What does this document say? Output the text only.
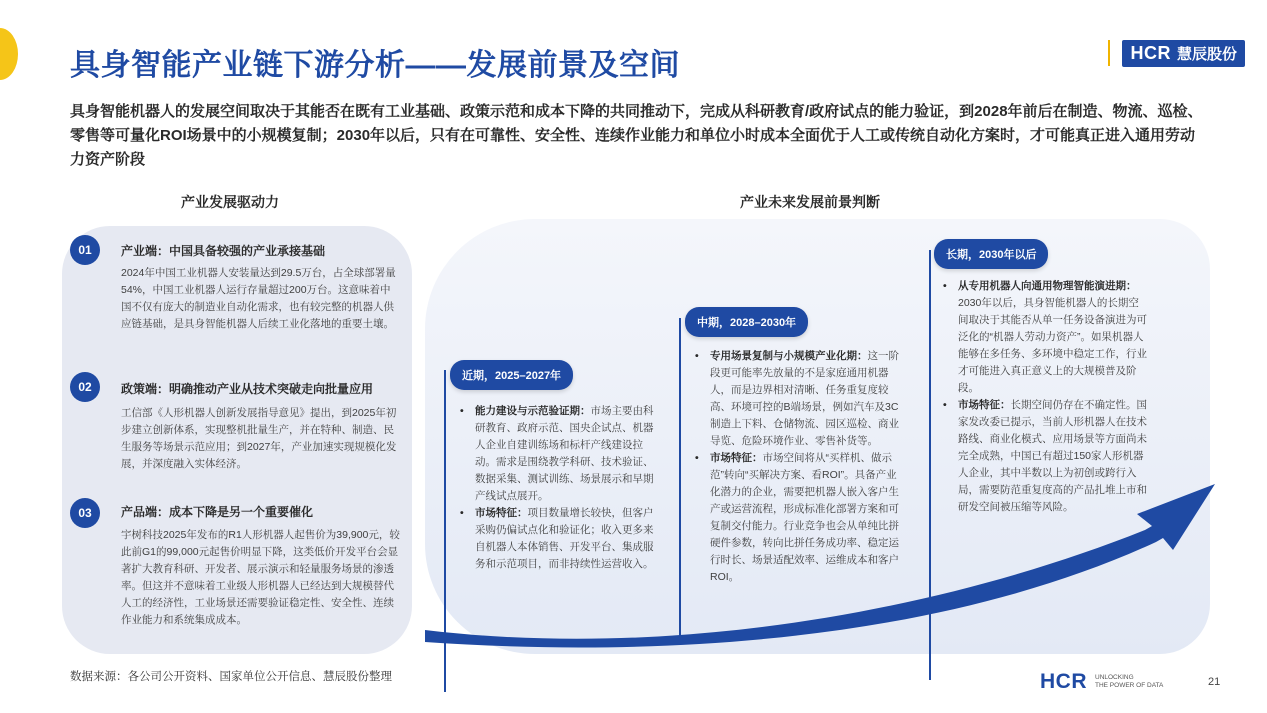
具身智能产业链下游分析——发展前景及空间	HCR 慧辰股份
具身智能机器人的发展空间取决于其能否在既有工业基础、政策示范和成本下降的共同推动下，完成从科研教育/政府试点的能力验证，到2028年前后在制造、物流、巡检、零售等可量化ROI场景中的小规模复制；2030年以后，只有在可靠性、安全性、连续作业能力和单位小时成本全面优于人工或传统自动化方案时，才可能真正进入通用劳动力资产阶段
产业发展驱动力	产业未来发展前景判断
01	产业端：中国具备较强的产业承接基础
2024年中国工业机器人安装量达到29.5万台，占全球部署量54%，中国工业机器人运行存量超过200万台。这意味着中国不仅有庞大的制造业自动化需求，也有较完整的机器人供应链基础，是具身智能机器人后续工业化落地的重要土壤。
02	政策端：明确推动产业从技术突破走向批量应用
工信部《人形机器人创新发展指导意见》提出，到2025年初步建立创新体系，实现整机批量生产，并在特种、制造、民生服务等场景示范应用；到2027年，产业加速实现规模化发展，并深度融入实体经济。
03	产品端：成本下降是另一个重要催化
宇树科技2025年发布的R1人形机器人起售价为39,900元，较此前G1的99,000元起售价明显下降，这类低价开发平台会显著扩大教育科研、开发者、展示演示和轻量服务场景的渗透率。但这并不意味着工业级人形机器人已经达到大规模替代人工的经济性，工业场景还需要验证稳定性、安全性、连续作业能力和系统集成成本。
近期，2025–2027年
• 能力建设与示范验证期：市场主要由科研教育、政府示范、国央企试点、机器人企业自建训练场和标杆产线建设拉动。需求是围绕教学科研、技术验证、数据采集、测试训练、场景展示和早期产线试点展开。
• 市场特征：项目数量增长较快，但客户采购仍偏试点化和验证化；收入更多来自机器人本体销售、开发平台、集成服务和示范项目，而非持续性运营收入。
中期，2028–2030年
• 专用场景复制与小规模产业化期：这一阶段更可能率先放量的不是家庭通用机器人，而是边界相对清晰、任务重复度较高、环境可控的B端场景，例如汽车及3C制造上下料、仓储物流、园区巡检、商业导览、危险环境作业、零售补货等。
• 市场特征：市场空间将从“买样机、做示范”转向“买解决方案、看ROI”。具备产业化潜力的企业，需要把机器人嵌入客户生产或运营流程，形成标准化部署方案和可复制交付能力。行业竞争也会从单纯比拼硬件参数，转向比拼任务成功率、稳定运行时长、场景适配效率、运维成本和客户ROI。
长期，2030年以后
• 从专用机器人向通用物理智能演进期：2030年以后，具身智能机器人的长期空间取决于其能否从单一任务设备演进为可泛化的“机器人劳动力资产”。如果机器人能够在多任务、多环境中稳定工作，行业才可能进入真正意义上的大规模普及阶段。
• 市场特征：长期空间仍存在不确定性。国家发改委已提示，当前人形机器人在技术路线、商业化模式、应用场景等方面尚未完全成熟，中国已有超过150家人形机器人企业，其中半数以上为初创或跨行入局，需要防范重复度高的产品扎堆上市和研发空间被压缩等风险。
数据来源：各公司公开资料、国家单位公开信息、慧辰股份整理	HCR UNLOCKING
THE POWER OF DATA	21
